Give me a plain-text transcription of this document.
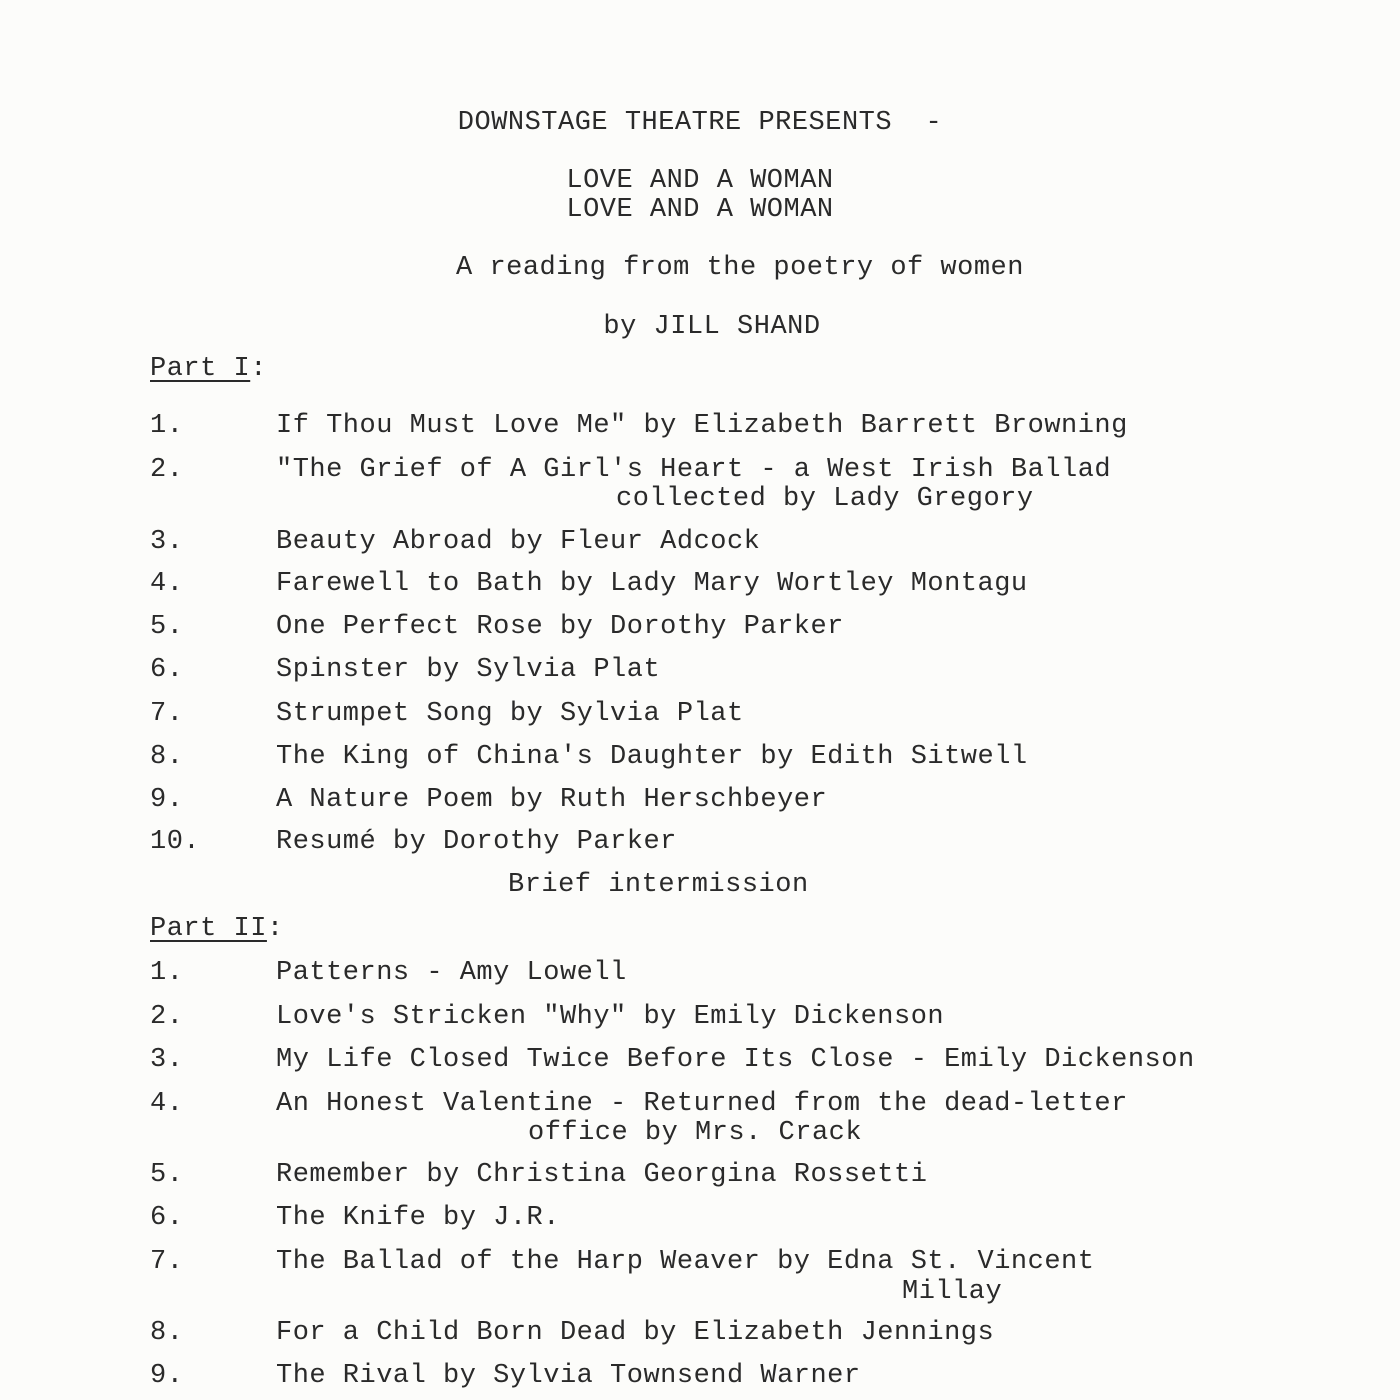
DOWNSTAGE THEATRE PRESENTS  -
LOVE AND A WOMAN
LOVE AND A WOMAN
A reading from the poetry of women
by JILL SHAND
Part I:
1.	If Thou Must Love Me" by Elizabeth Barrett Browning
2.	"The Grief of A Girl's Heart - a West Irish Ballad
collected by Lady Gregory
3.	Beauty Abroad by Fleur Adcock
4.	Farewell to Bath by Lady Mary Wortley Montagu
5.	One Perfect Rose by Dorothy Parker
6.	Spinster by Sylvia Plat
7.	Strumpet Song by Sylvia Plat
8.	The King of China's Daughter by Edith Sitwell
9.	A Nature Poem by Ruth Herschbeyer
10.	Resumé by Dorothy Parker
Brief intermission
Part II:
1.	Patterns - Amy Lowell
2.	Love's Stricken "Why" by Emily Dickenson
3.	My Life Closed Twice Before Its Close - Emily Dickenson
4.	An Honest Valentine - Returned from the dead-letter
office by Mrs. Crack
5.	Remember by Christina Georgina Rossetti
6.	The Knife by J.R.
7.	The Ballad of the Harp Weaver by Edna St. Vincent
Millay
8.	For a Child Born Dead by Elizabeth Jennings
9.	The Rival by Sylvia Townsend Warner
